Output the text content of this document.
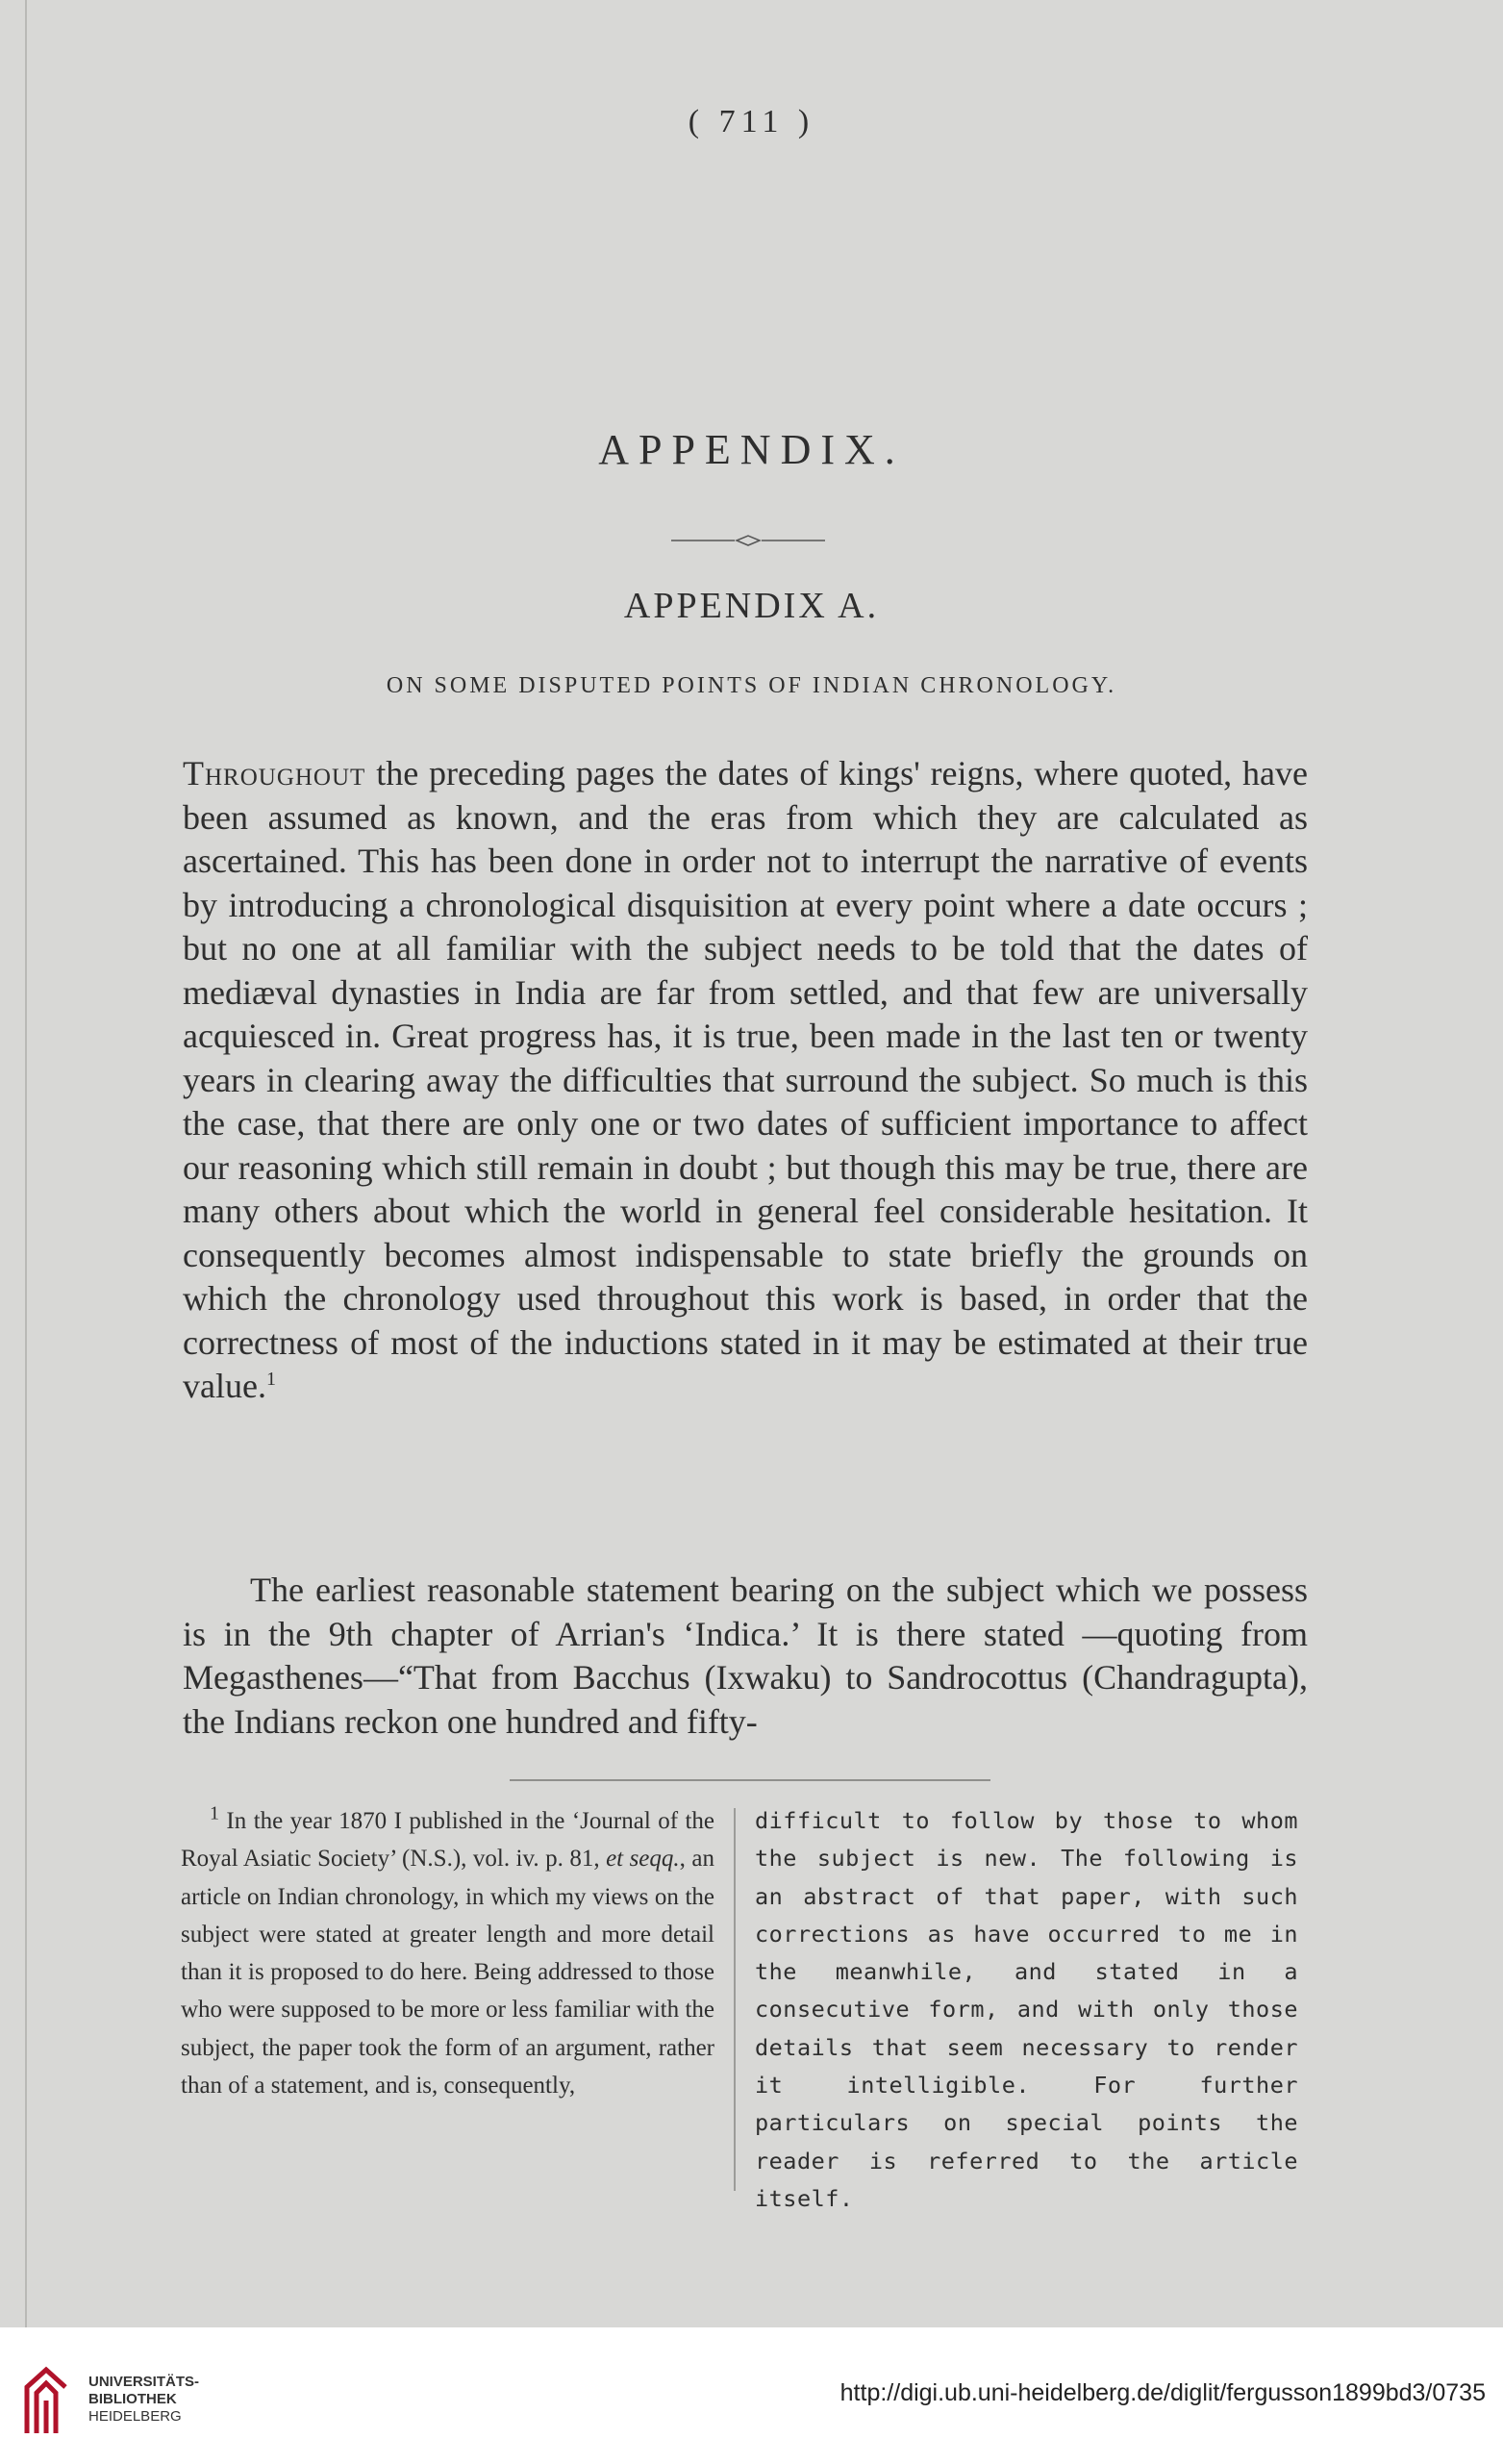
( 711 )
APPENDIX.
APPENDIX A.
ON SOME DISPUTED POINTS OF INDIAN CHRONOLOGY.

Throughout the preceding pages the dates of kings' reigns, where quoted, have been assumed as known, and the eras from which they are calculated as ascertained. This has been done in order not to interrupt the narrative of events by introducing a chronological disquisition at every point where a date occurs ; but no one at all familiar with the subject needs to be told that the dates of mediæval dynasties in India are far from settled, and that few are universally acquiesced in. Great progress has, it is true, been made in the last ten or twenty years in clearing away the difficulties that surround the subject. So much is this the case, that there are only one or two dates of sufficient importance to affect our reasoning which still remain in doubt ; but though this may be true, there are many others about which the world in general feel considerable hesitation. It consequently becomes almost indispensable to state briefly the grounds on which the chronology used throughout this work is based, in order that the correctness of most of the inductions stated in it may be estimated at their true value.$^1$

The earliest reasonable statement bearing on the subject which we possess is in the 9th chapter of Arrian's ‘Indica.’ It is there stated —quoting from Megasthenes—“That from Bacchus (Ixwaku) to Sandrocottus (Chandragupta), the Indians reckon one hundred and fifty-

$^1$ In the year 1870 I published in the ‘Journal of the Royal Asiatic Society’ (N.S.), vol. iv. p. 81, et seqq., an article on Indian chronology, in which my views on the subject were stated at greater length and more detail than it is proposed to do here. Being addressed to those who were supposed to be more or less familiar with the subject, the paper took the form of an argument, rather than of a statement, and is, consequently,

difficult to follow by those to whom the subject is new. The following is an abstract of that paper, with such corrections as have occurred to me in the meanwhile, and stated in a consecutive form, and with only those details that seem necessary to render it intelligible. For further particulars on special points the reader is referred to the article itself.

UNIVERSITÄTS-
BIBLIOTHEK
HEIDELBERG
http://digi.ub.uni-heidelberg.de/diglit/fergusson1899bd3/0735
